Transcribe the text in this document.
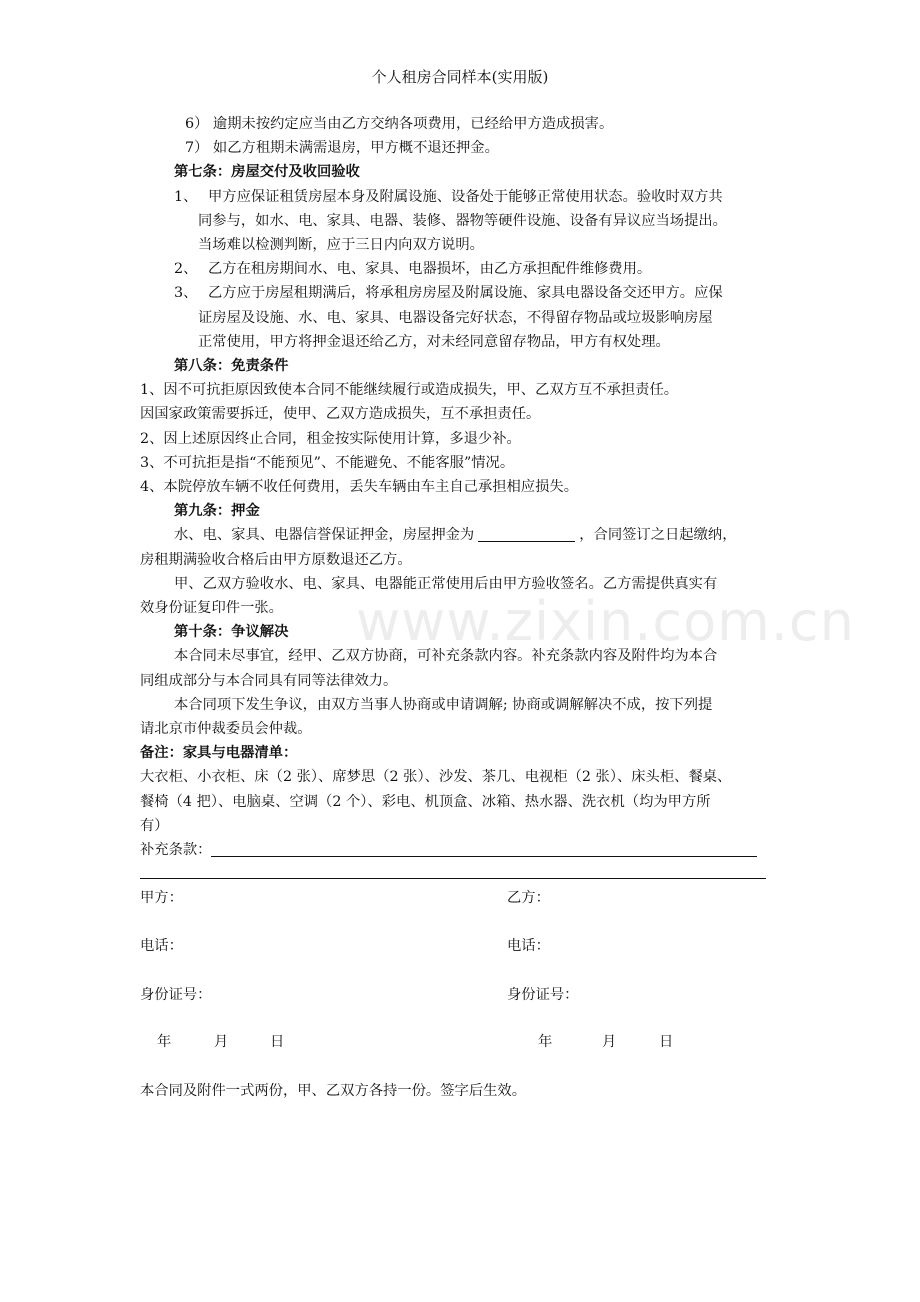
个人租房合同样本(实用版)
6） 逾期未按约定应当由乙方交纳各项费用，已经给甲方造成损害。
7） 如乙方租期未满需退房，甲方概不退还押金。
第七条：房屋交付及收回验收
1、 甲方应保证租赁房屋本身及附属设施、设备处于能够正常使用状态。验收时双方共
同参与，如水、电、家具、电器、装修、器物等硬件设施、设备有异议应当场提出。
当场难以检测判断，应于三日内向双方说明。
2、 乙方在租房期间水、电、家具、电器损坏，由乙方承担配件维修费用。
3、 乙方应于房屋租期满后，将承租房房屋及附属设施、家具电器设备交还甲方。应保
证房屋及设施、水、电、家具、电器设备完好状态，不得留存物品或垃圾影响房屋
正常使用，甲方将押金退还给乙方，对未经同意留存物品，甲方有权处理。
第八条：免责条件
1、因不可抗拒原因致使本合同不能继续履行或造成损失，甲、乙双方互不承担责任。
因国家政策需要拆迁，使甲、乙双方造成损失，互不承担责任。
2、因上述原因终止合同，租金按实际使用计算，多退少补。
3、不可抗拒是指“不能预见”、不能避免、不能客服”情况。
4、本院停放车辆不收任何费用，丢失车辆由车主自己承担相应损失。
第九条：押金
水、电、家具、电器信誉保证押金，房屋押金为	，合同签订之日起缴纳，
房租期满验收合格后由甲方原数退还乙方。
甲、乙双方验收水、电、家具、电器能正常使用后由甲方验收签名。乙方需提供真实有
效身份证复印件一张。
第十条：争议解决
本合同未尽事宜，经甲、乙双方协商，可补充条款内容。补充条款内容及附件均为本合
同组成部分与本合同具有同等法律效力。
本合同项下发生争议，由双方当事人协商或申请调解; 协商或调解解决不成，按下列提
请北京市仲裁委员会仲裁。
备注：家具与电器清单：
大衣柜、小衣柜、床（2 张）、席梦思（2 张）、沙发、茶几、电视柜（2 张）、床头柜、餐桌、
餐椅（4 把）、电脑桌、空调（2 个）、彩电、机顶盒、冰箱、热水器、洗衣机（均为甲方所
有）
补充条款：
甲方：	乙方：
电话：	电话：
身份证号：	身份证号：
年	月	日	年	月	日
本合同及附件一式两份，甲、乙双方各持一份。签字后生效。
www.zixin.com.cn
